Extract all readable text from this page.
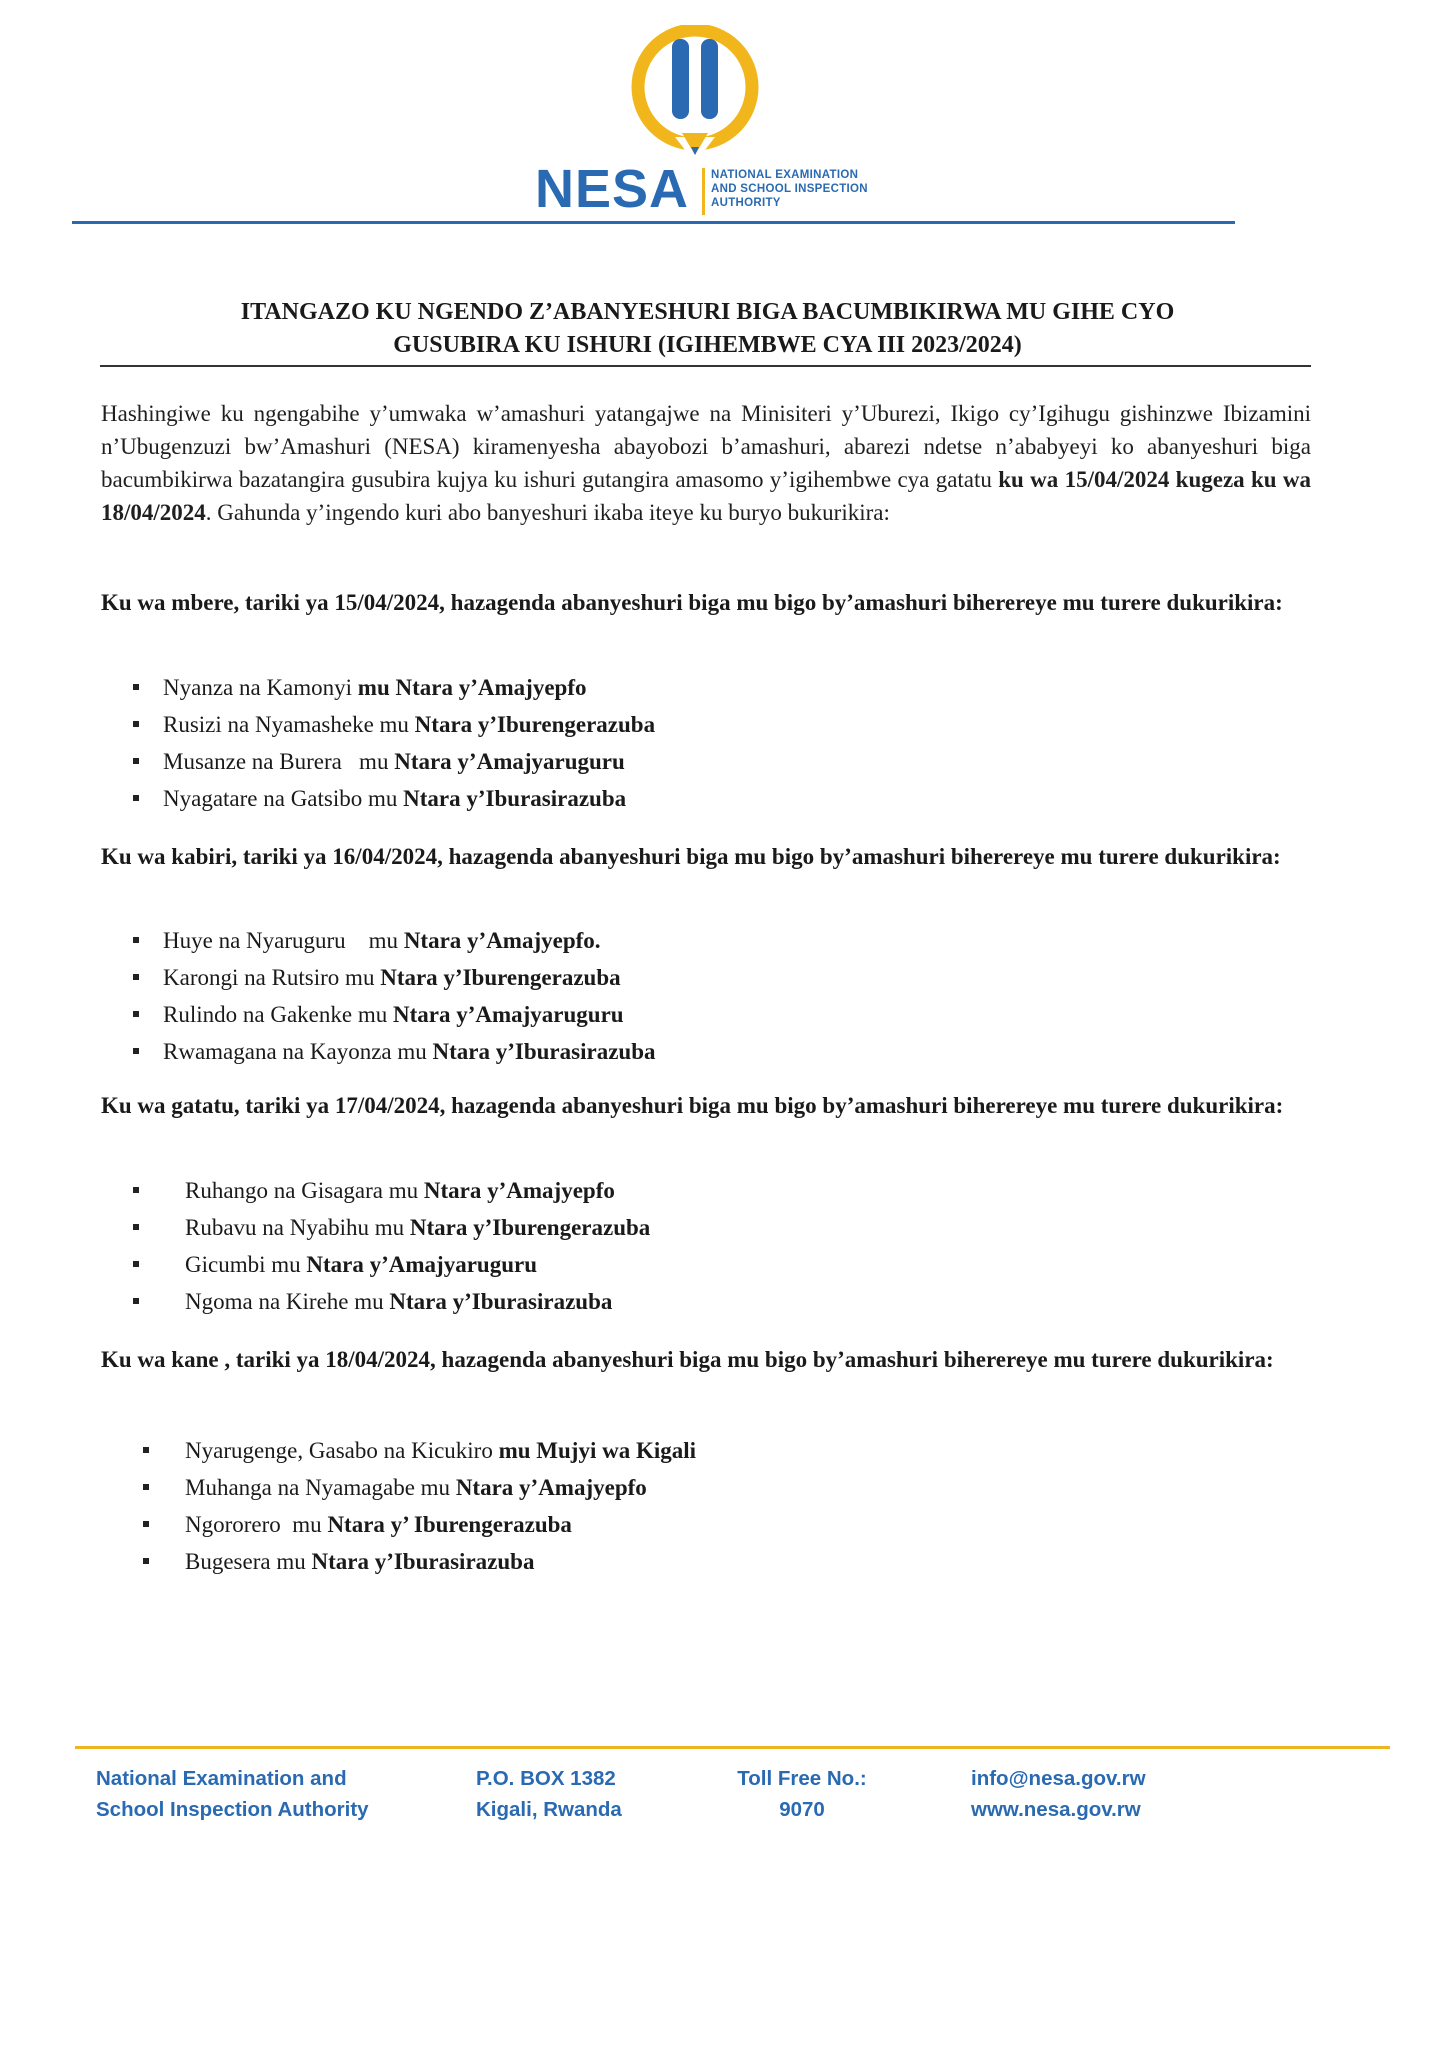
NESA NATIONAL EXAMINATION
AND SCHOOL INSPECTION
AUTHORITY
ITANGAZO KU NGENDO Z’ABANYESHURI BIGA BACUMBIKIRWA MU GIHE CYO
GUSUBIRA KU ISHURI (IGIHEMBWE CYA III 2023/2024)
Hashingiwe ku ngengabihe y’umwaka w’amashuri yatangajwe na Minisiteri y’Uburezi, Ikigo cy’Igihugu gishinzwe Ibizamini n’Ubugenzuzi bw’Amashuri (NESA) kiramenyesha abayobozi b’amashuri, abarezi ndetse n’ababyeyi ko abanyeshuri biga bacumbikirwa bazatangira gusubira kujya ku ishuri gutangira amasomo y’igihembwe cya gatatu ku wa 15/04/2024 kugeza ku wa 18/04/2024. Gahunda y’ingendo kuri abo banyeshuri ikaba iteye ku buryo bukurikira:
Ku wa mbere, tariki ya 15/04/2024, hazagenda abanyeshuri biga mu bigo by’amashuri biherereye mu turere dukurikira:
Nyanza na Kamonyi mu Ntara y’Amajyepfo
Rusizi na Nyamasheke mu Ntara y’Iburengerazuba
Musanze na Burera   mu Ntara y’Amajyaruguru
Nyagatare na Gatsibo mu Ntara y’Iburasirazuba
Ku wa kabiri, tariki ya 16/04/2024, hazagenda abanyeshuri biga mu bigo by’amashuri biherereye mu turere dukurikira:
Huye na Nyaruguru    mu Ntara y’Amajyepfo.
Karongi na Rutsiro mu Ntara y’Iburengerazuba
Rulindo na Gakenke mu Ntara y’Amajyaruguru
Rwamagana na Kayonza mu Ntara y’Iburasirazuba
Ku wa gatatu, tariki ya 17/04/2024, hazagenda abanyeshuri biga mu bigo by’amashuri biherereye mu turere dukurikira:
Ruhango na Gisagara mu Ntara y’Amajyepfo
Rubavu na Nyabihu mu Ntara y’Iburengerazuba
Gicumbi mu Ntara y’Amajyaruguru
Ngoma na Kirehe mu Ntara y’Iburasirazuba
Ku wa kane , tariki ya 18/04/2024, hazagenda abanyeshuri biga mu bigo by’amashuri biherereye mu turere dukurikira:
Nyarugenge, Gasabo na Kicukiro mu Mujyi wa Kigali
Muhanga na Nyamagabe mu Ntara y’Amajyepfo
Ngororero  mu Ntara y’ Iburengerazuba
Bugesera mu Ntara y’Iburasirazuba
National Examination and
School Inspection Authority
P.O. BOX 1382
Kigali, Rwanda
Toll Free No.:
9070
info@nesa.gov.rw
www.nesa.gov.rw
